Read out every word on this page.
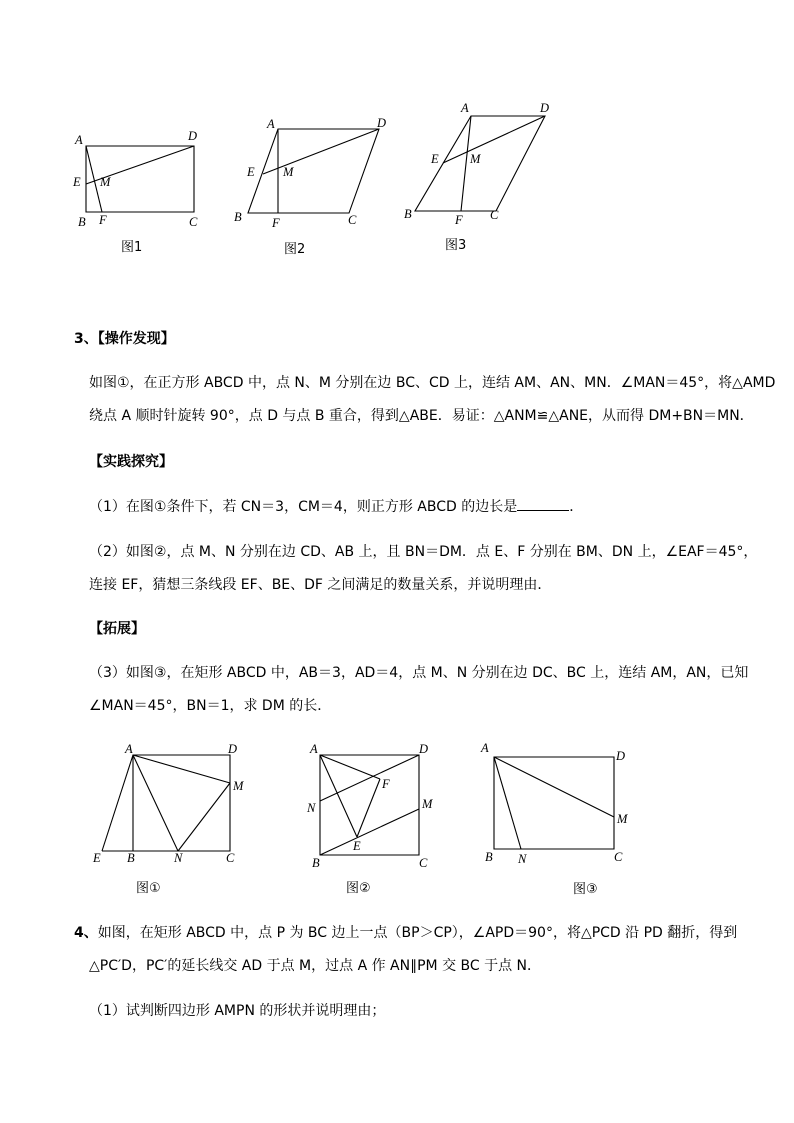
A	D
E M
B F	C
图1
A	D
E M
B F	C
图2
A	D
E	M
B	F C
图3
3、【操作发现】
如图①，在正方形 ABCD 中，点 N、M 分别在边 BC、CD 上，连结 AM、AN、MN．∠MAN＝45°，将△AMD
绕点 A 顺时针旋转 90°，点 D 与点 B 重合，得到△ABE．易证：△ANM≌△ANE，从而得 DM+BN＝MN．
【实践探究】
（1）在图①条件下，若 CN＝3，CM＝4，则正方形 ABCD 的边长是	．
（2）如图②，点 M、N 分别在边 CD、AB 上，且 BN＝DM．点 E、F 分别在 BM、DN 上，∠EAF＝45°，
连接 EF，猜想三条线段 EF、BE、DF 之间满足的数量关系，并说明理由．
【拓展】
（3）如图③，在矩形 ABCD 中，AB＝3，AD＝4，点 M、N 分别在边 DC、BC 上，连结 AM，AN，已知
∠MAN＝45°，BN＝1，求 DM 的长．
A	D
M
E B	N	C
图①
A	D
F
N	M
E
B	C
图②
A
D
M
B N	C
图③
4、如图，在矩形 ABCD 中，点 P 为 BC 边上一点（BP＞CP），∠APD＝90°，将△PCD 沿 PD 翻折，得到
△PC′D，PC′的延长线交 AD 于点 M，过点 A 作 AN∥PM 交 BC 于点 N．
（1）试判断四边形 AMPN 的形状并说明理由；
